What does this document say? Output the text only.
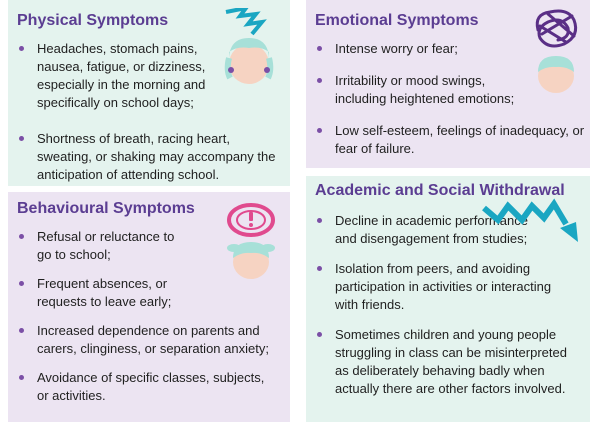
Physical Symptoms
Headaches, stomach pains, nausea, fatigue, or dizziness, especially in the morning and specifically on school days;
Shortness of breath, racing heart, sweating, or shaking may accompany the anticipation of attending school.
Emotional Symptoms
Intense worry or fear;
Irritability or mood swings, including heightened emotions;
Low self-esteem, feelings of inadequacy, or fear of failure.
Behavioural Symptoms
Refusal or reluctance to go to school;
Frequent absences, or requests to leave early;
Increased dependence on parents and carers, clinginess, or separation anxiety;
Avoidance of specific classes, subjects, or activities.
Academic and Social Withdrawal
Decline in academic performance and disengagement from studies;
Isolation from peers, and avoiding participation in activities or interacting with friends.
Sometimes children and young people struggling in class can be misinterpreted as deliberately behaving badly when actually there are other factors involved.
